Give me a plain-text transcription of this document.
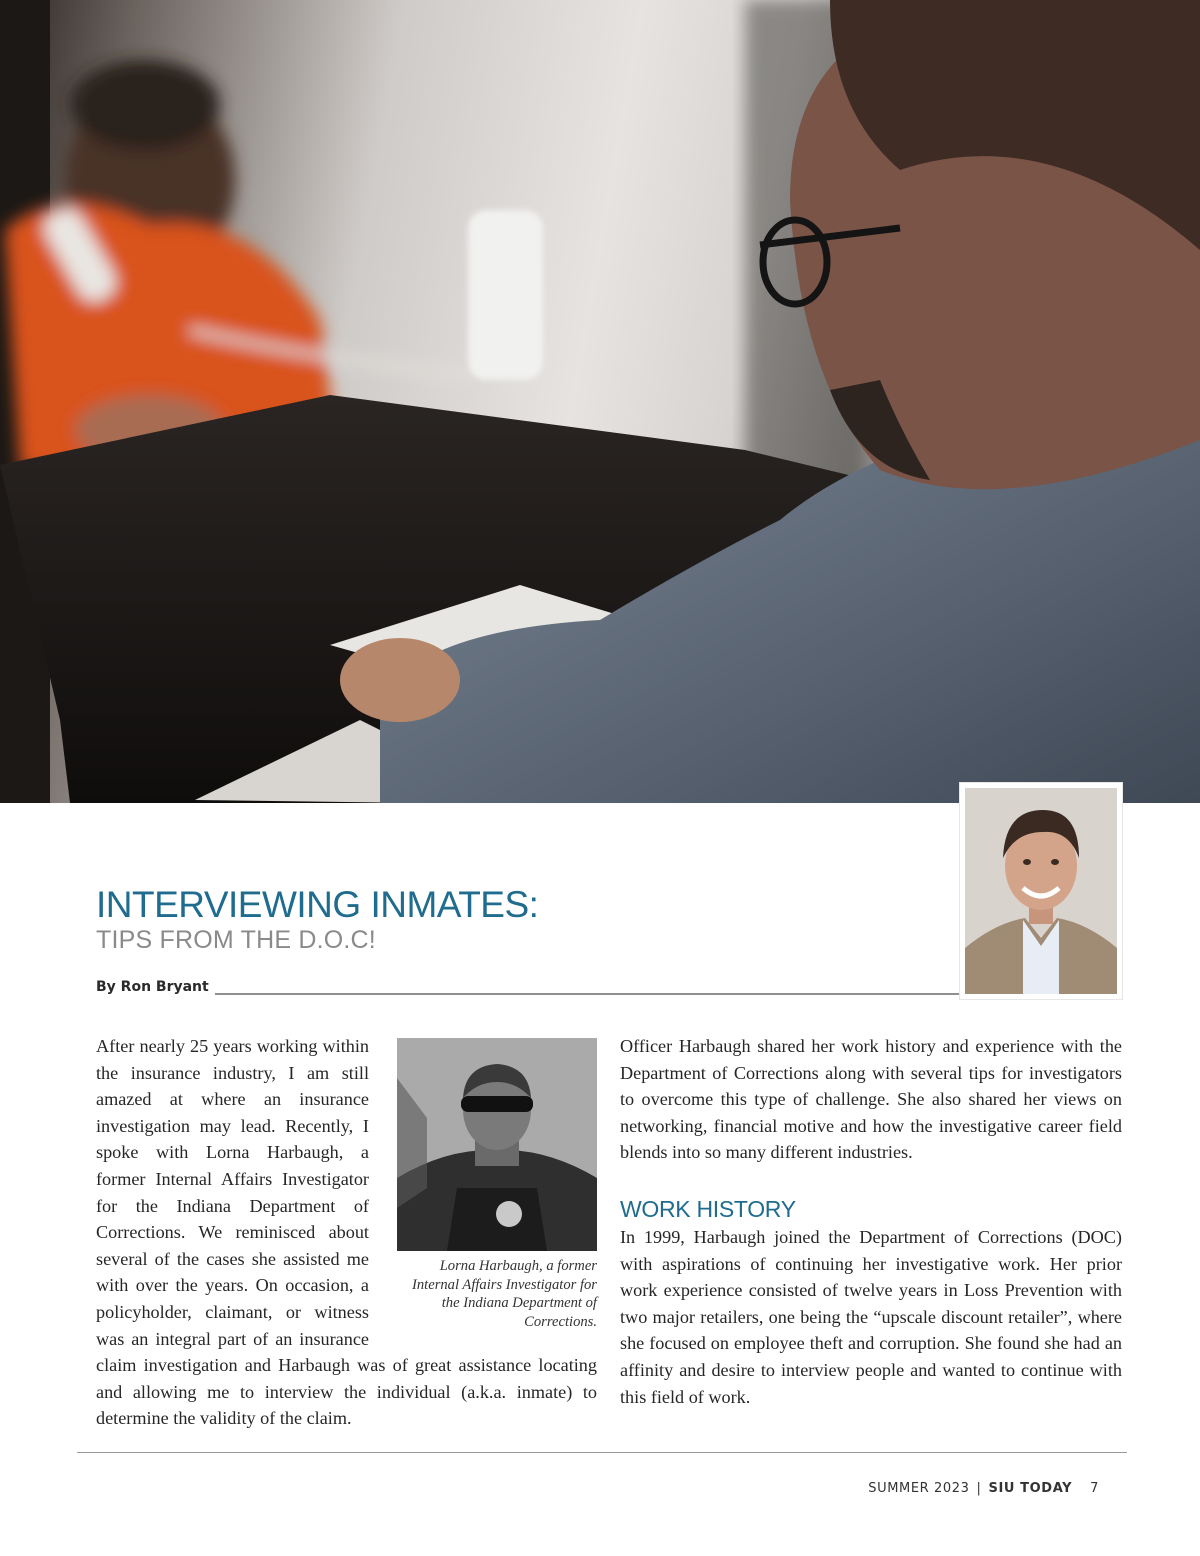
INTERVIEWING INMATES:
TIPS FROM THE D.O.C!
By Ron Bryant
Lorna Harbaugh, a former Internal Affairs Investigator for the Indiana Department of Corrections.

After nearly 25 years working within the insurance industry, I am still amazed at where an insurance investigation may lead. Recently, I spoke with Lorna Harbaugh, a former Internal Affairs Investigator for the Indiana Department of Corrections. We reminisced about several of the cases she assisted me with over the years. On occasion, a policyholder, claimant, or witness was an integral part of an insurance claim investigation and Harbaugh was of great assistance locating and allowing me to interview the individual (a.k.a. inmate) to determine the validity of the claim.

Officer Harbaugh shared her work history and experience with the Department of Corrections along with several tips for investigators to overcome this type of challenge. She also shared her views on networking, financial motive and how the investigative career field blends into so many different industries.

WORK HISTORY

In 1999, Harbaugh joined the Department of Corrections (DOC) with aspirations of continuing her investigative work. Her prior work experience consisted of twelve years in Loss Prevention with two major retailers, one being the “upscale discount retailer”, where she focused on employee theft and corruption. She found she had an affinity and desire to interview people and wanted to continue with this field of work.

SUMMER 2023 | SIU TODAY 7
